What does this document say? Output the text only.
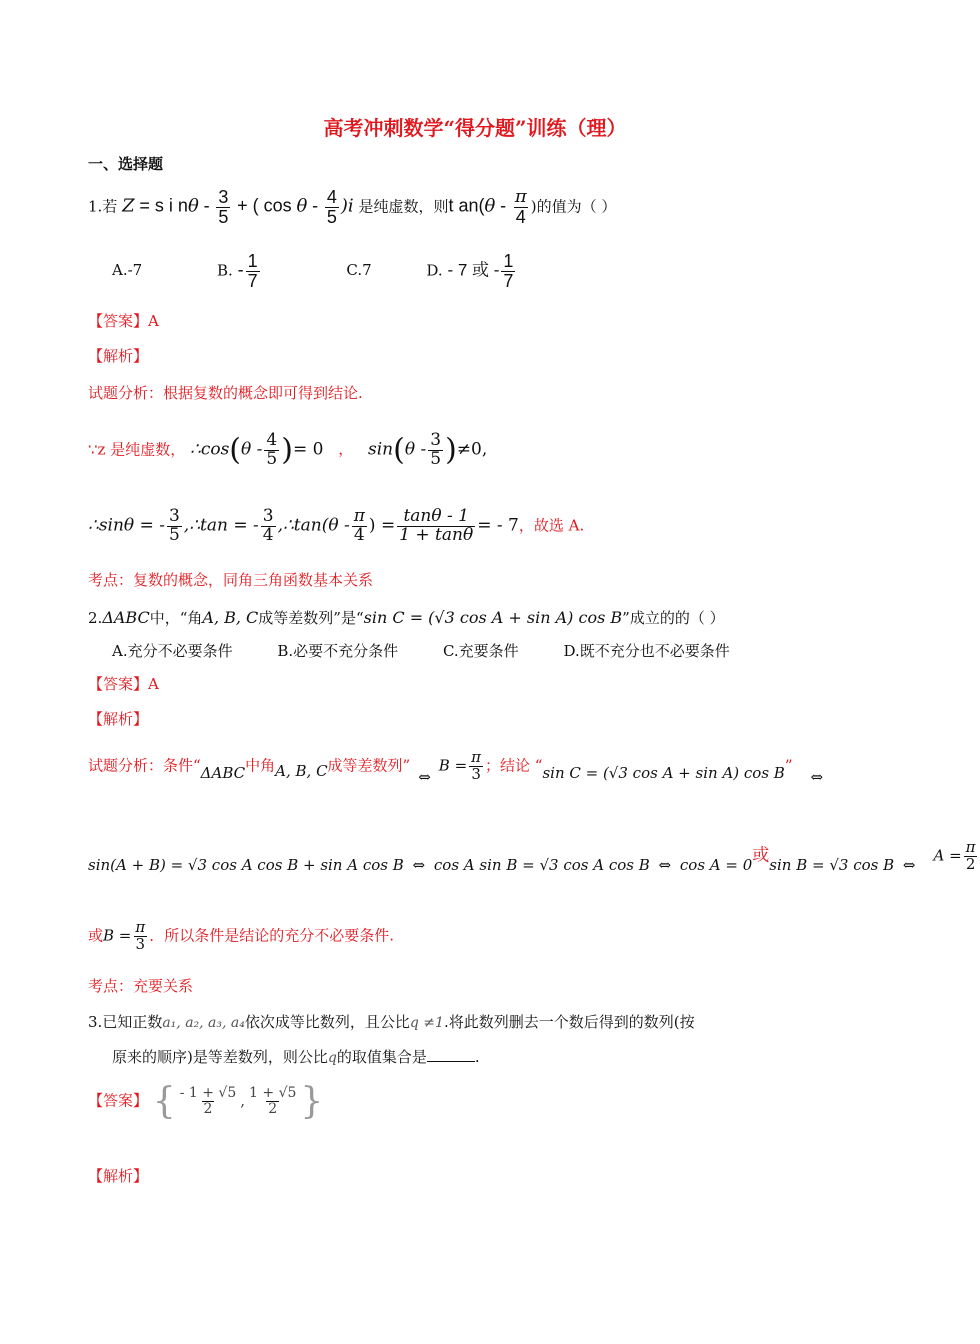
高考冲刺数学“得分题”训练（理）
一、选择题
1.若 Z = s i nθ - $\frac{3}{5}$ + ( cos θ - $\frac{4}{5} )i$ 是纯虚数，则t $an(\theta - \frac{\pi}{4}$ )的值为（ ）
A.-7	B. - $\frac{1}{7}$	C.7	D. - 7 或 - $\frac{1}{7}$
【答案】A
【解析】
试题分析：根据复数的概念即可得到结论.
∵z 是纯虚数， ∴cos(θ - $\frac{4}{5}$ )= 0 ， $\sin(\theta - \frac{3}{5} )\ne 0$,
∴sinθ = - $\frac{3}{5}$ ,∴tan = - $\frac{3}{4}$ ,∴tan(θ - $\frac{\pi}{4}$ ) = $\frac{\tan\theta - 1}{1 + \tan\theta}$ = - 7，故选 A.
考点：复数的概念，同角三角函数基本关系
2.ΔABC中，“角A, B, C成等差数列”是“sin C = (√3 cos A + sin A) cos B”成立的的（ ）
A.充分不必要条件	B.必要不充分条件	C.充要条件	D.既不充分也不必要条件
【答案】A
【解析】
试题分析：条件“ΔABC中角A, B, C成等差数列”⇔B = $\frac{\pi}{3}$ ；结论 “sin C = (√3 cos A + sin A) cos B”⇔
sin(A + B) = √3 cos A cos B + sin A cos B ⇔ cos A sin B = √3 cos A cos B ⇔ cos A = 0或sin B = √3 cos B ⇔A = $\frac{\pi}{2}$
或$B = \frac{\pi}{3}$ ．所以条件是结论的充分不必要条件.
考点：充要关系
3.已知正数a₁, a₂, a₃, a₄依次成等比数列，且公比q ≠1.将此数列删去一个数后得到的数列(按
原来的顺序)是等差数列，则公比q的取值集合是	.
【答案】 { $\frac{- 1 + √5}{2}$ , $\frac{1 + √5}{2}$ }
【解析】
